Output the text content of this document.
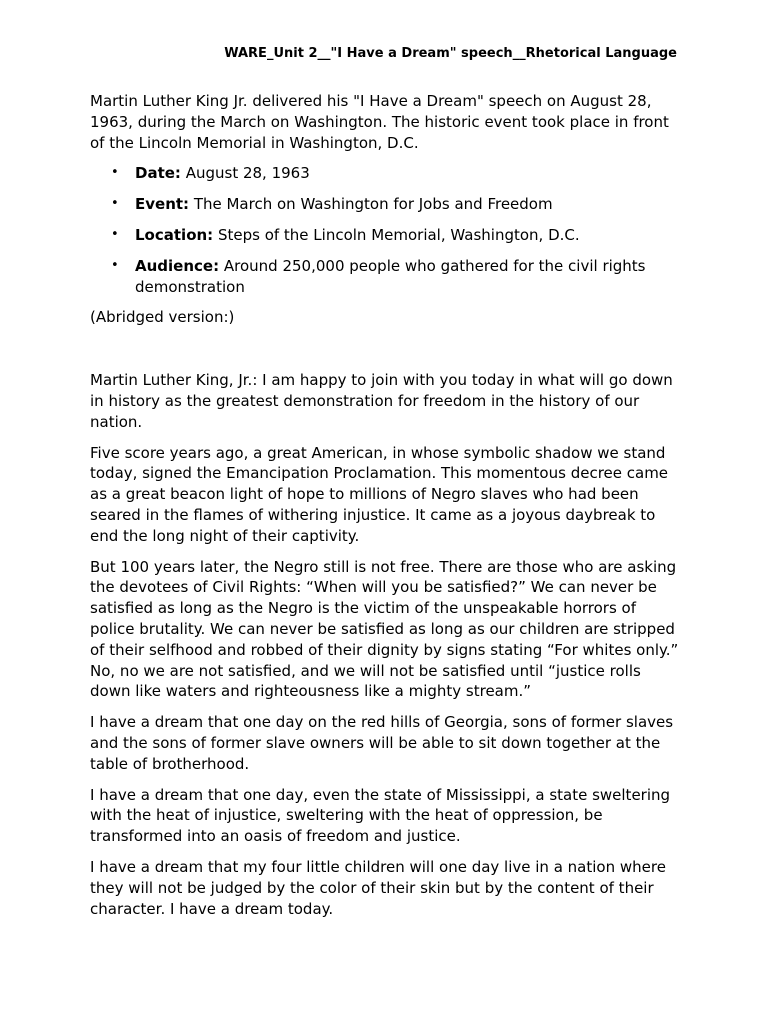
WARE_Unit 2__"I Have a Dream" speech__Rhetorical Language

Martin Luther King Jr. delivered his "I Have a Dream" speech on August 28, 1963, during the March on Washington. The historic event took place in front of the Lincoln Memorial in Washington, D.C.

• Date: August 28, 1963
• Event: The March on Washington for Jobs and Freedom
• Location: Steps of the Lincoln Memorial, Washington, D.C.
• Audience: Around 250,000 people who gathered for the civil rights demonstration

(Abridged version:)

Martin Luther King, Jr.: I am happy to join with you today in what will go down in history as the greatest demonstration for freedom in the history of our nation.

Five score years ago, a great American, in whose symbolic shadow we stand today, signed the Emancipation Proclamation. This momentous decree came as a great beacon light of hope to millions of Negro slaves who had been seared in the flames of withering injustice. It came as a joyous daybreak to end the long night of their captivity.

But 100 years later, the Negro still is not free. There are those who are asking the devotees of Civil Rights: “When will you be satisfied?” We can never be satisfied as long as the Negro is the victim of the unspeakable horrors of police brutality. We can never be satisfied as long as our children are stripped of their selfhood and robbed of their dignity by signs stating “For whites only.” No, no we are not satisfied, and we will not be satisfied until “justice rolls down like waters and righteousness like a mighty stream.”

I have a dream that one day on the red hills of Georgia, sons of former slaves and the sons of former slave owners will be able to sit down together at the table of brotherhood.

I have a dream that one day, even the state of Mississippi, a state sweltering with the heat of injustice, sweltering with the heat of oppression, be transformed into an oasis of freedom and justice.

I have a dream that my four little children will one day live in a nation where they will not be judged by the color of their skin but by the content of their character. I have a dream today.
